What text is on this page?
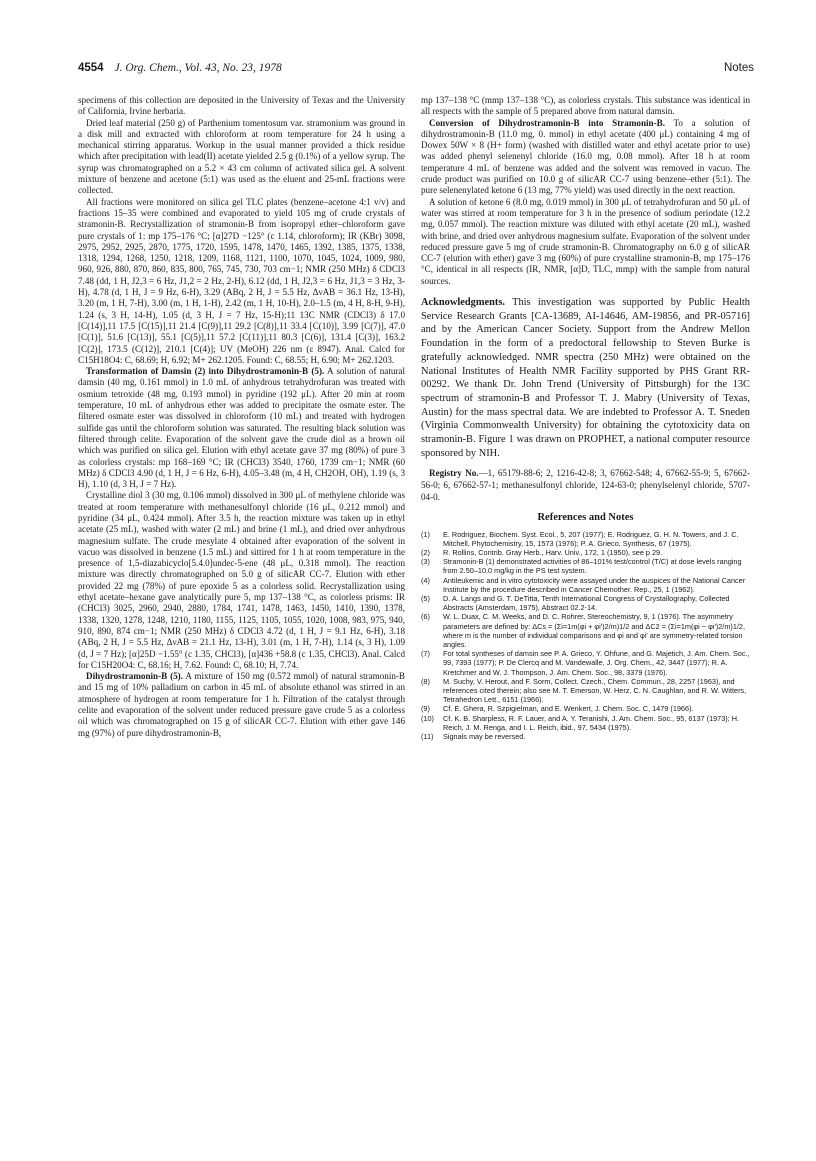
4554 J. Org. Chem., Vol. 43, No. 23, 1978	Notes

specimens of this collection are deposited in the University of Texas and the University of California, Irvine herbaria.

Dried leaf material (250 g) of Parthenium tomentosum var. stramonium was ground in a disk mill and extracted with chloroform at room temperature for 24 h using a mechanical stirring apparatus. Workup in the usual manner provided a thick residue which after precipitation with lead(II) acetate yielded 2.5 g (0.1%) of a yellow syrup. The syrup was chromatographed on a 5.2 × 43 cm column of activated silica gel. A solvent mixture of benzene and acetone (5:1) was used as the eluent and 25-mL fractions were collected.

All fractions were monitored on silica gel TLC plates (benzene–acetone 4:1 v/v) and fractions 15–35 were combined and evaporated to yield 105 mg of crude crystals of stramonin-B. Recrystallization of stramonin-B from isopropyl ether–chloroform gave pure crystals of 1: mp 175–176 °C; [α]27D −125° (c 1.14, chloroform); IR (KBr) 3098, 2975, 2952, 2925, 2870, 1775, 1720, 1595, 1478, 1470, 1465, 1392, 1385, 1375, 1338, 1318, 1294, 1268, 1250, 1218, 1209, 1168, 1121, 1100, 1070, 1045, 1024, 1009, 980, 960, 926, 880, 870, 860, 835, 800, 765, 745, 730, 703 cm−1; NMR (250 MHz) δ CDCl3 7.48 (dd, 1 H, J2,3 = 6 Hz, J1,2 = 2 Hz, 2-H), 6.12 (dd, 1 H, J2,3 = 6 Hz, J1,3 = 3 Hz, 3-H), 4.78 (d, 1 H, J = 9 Hz, 6-H), 3.29 (ABq, 2 H, J = 5.5 Hz, ΔνAB = 36.1 Hz, 13-H), 3.20 (m, 1 H, 7-H), 3.00 (m, 1 H, 1-H), 2.42 (m, 1 H, 10-H), 2.0–1.5 (m, 4 H, 8-H, 9-H), 1.24 (s, 3 H, 14-H), 1.05 (d, 3 H, J = 7 Hz, 15-H);11 13C NMR (CDCl3) δ 17.0 [C(14)],11 17.5 [C(15)],11 21.4 [C(9)],11 29.2 [C(8)],11 33.4 [C(10)], 3.99 [C(7)], 47.0 [C(1)], 51.6 [C(13)], 55.1 [C(5)],11 57.2 [C(11)],11 80.3 [C(6)], 131.4 [C(3)], 163.2 [C(2)], 173.5 (C(12)], 210.1 [C(4)]; UV (MeOH) 226 nm (ε 8947). Anal. Calcd for C15H18O4: C, 68.69; H, 6.92; M+ 262.1205. Found: C, 68.55; H, 6.90; M+ 262.1203.

Transformation of Damsin (2) into Dihydrostramonin-B (5). A solution of natural damsin (40 mg, 0.161 mmol) in 1.0 mL of anhydrous tetrahydrofuran was treated with osmium tetroxide (48 mg, 0.193 mmol) in pyridine (192 μL). After 20 min at room temperature, 10 mL of anhydrous ether was added to precipitate the osmate ester. The filtered osmate ester was dissolved in chloroform (10 mL) and treated with hydrogen sulfide gas until the chloroform solution was saturated. The resulting black solution was filtered through celite. Evaporation of the solvent gave the crude diol as a brown oil which was purified on silica gel. Elution with ethyl acetate gave 37 mg (80%) of pure 3 as colorless crystals: mp 168–169 °C; IR (CHCl3) 3540, 1760, 1739 cm−1; NMR (60 MHz) δ CDCl3 4.90 (d, 1 H, J = 6 Hz, 6-H), 4.05–3.48 (m, 4 H, CH2OH, OH), 1.19 (s, 3 H), 1.10 (d, 3 H, J = 7 Hz).

Crystalline diol 3 (30 mg, 0.106 mmol) dissolved in 300 μL of methylene chloride was treated at room temperature with methanesulfonyl chloride (16 μL, 0.212 mmol) and pyridine (34 μL, 0.424 mmol). After 3.5 h, the reaction mixture was taken up in ethyl acetate (25 mL), washed with water (2 mL) and brine (1 mL), and dried over anhydrous magnesium sulfate. The crude mesylate 4 obtained after evaporation of the solvent in vacuo was dissolved in benzene (1.5 mL) and sittired for 1 h at room temperature in the presence of 1,5-diazabicyclo[5.4.0]undec-5-ene (48 μL, 0.318 mmol). The reaction mixture was directly chromatographed on 5.0 g of silicAR CC-7. Elution with ether provided 22 mg (78%) of pure epoxide 5 as a colorless solid. Recrystallization using ethyl acetate–hexane gave analytically pure 5, mp 137–138 °C, as colorless prisms: IR (CHCl3) 3025, 2960, 2940, 2880, 1784, 1741, 1478, 1463, 1450, 1410, 1390, 1378, 1338, 1320, 1278, 1248, 1210, 1180, 1155, 1125, 1105, 1055, 1020, 1008, 983, 975, 940, 910, 890, 874 cm−1; NMR (250 MHz) δ CDCl3 4.72 (d, 1 H, J = 9.1 Hz, 6-H), 3.18 (ABq, 2 H, J = 5.5 Hz, ΔνAB = 21.1 Hz, 13-H), 3.01 (m, 1 H, 7-H), 1.14 (s, 3 H), 1.09 (d, J = 7 Hz); [α]25D −1.55° (c 1.35, CHCl3), [α]436 +58.8 (c 1.35, CHCl3). Anal. Calcd for C15H20O4: C, 68.16; H, 7.62. Found: C, 68.10; H, 7.74.

Dihydrostramonin-B (5). A mixture of 150 mg (0.572 mmol) of natural stramonin-B and 15 mg of 10% palladium on carbon in 45 mL of absolute ethanol was stirred in an atmosphere of hydrogen at room temperature for 1 h. Filtration of the catalyst through celite and evaporation of the solvent under reduced pressure gave crude 5 as a colorless oil which was chromatographed on 15 g of silicAR CC-7. Elution with ether gave 146 mg (97%) of pure dihydrostramonin-B,

mp 137–138 °C (mmp 137–138 °C), as colorless crystals. This substance was identical in all respects with the sample of 5 prepared above from natural damsin.

Conversion of Dihydrostramonin-B into Stramonin-B. To a solution of dihydrostramonin-B (11.0 mg, 0. mmol) in ethyl acetate (400 μL) containing 4 mg of Dowex 50W × 8 (H+ form) (washed with distilled water and ethyl acetate prior to use) was added phenyl selenenyl chloride (16.0 mg, 0.08 mmol). After 18 h at room temperature 4 mL of benzene was added and the solvent was removed in vacuo. The crude product was purified on 10.0 g of silicAR CC-7 using benzene–ether (5:1). The pure selenenylated ketone 6 (13 mg, 77% yield) was used directly in the next reaction.

A solution of ketone 6 (8.0 mg, 0.019 mmol) in 300 μL of tetrahydrofuran and 50 μL of water was stirred at room temperature for 3 h in the presence of sodium periodate (12.2 mg, 0.057 mmol). The reaction mixture was diluted with ethyl acetate (20 mL), washed with brine, and dried over anhydrous magnesium sulfate. Evaporation of the solvent under reduced pressure gave 5 mg of crude stramonin-B. Chromatography on 6.0 g of silicAR CC-7 (elution with ether) gave 3 mg (60%) of pure crystalline stramonin-B, mp 175–176 °C, identical in all respects (IR, NMR, [α]D, TLC, mmp) with the sample from natural sources.

Acknowledgments. This investigation was supported by Public Health Service Research Grants [CA-13689, AI-14646, AM-19856, and PR-05716] and by the American Cancer Society. Support from the Andrew Mellon Foundation in the form of a predoctoral fellowship to Steven Burke is gratefully acknowledged. NMR spectra (250 MHz) were obtained on the National Institutes of Health NMR Facility supported by PHS Grant RR-00292. We thank Dr. John Trend (University of Pittsburgh) for the 13C spectrum of stramonin-B and Professor T. J. Mabry (University of Texas, Austin) for the mass spectral data. We are indebted to Professor A. T. Sneden (Virginia Commonwealth University) for obtaining the cytotoxicity data on stramonin-B. Figure 1 was drawn on PROPHET, a national computer resource sponsored by NIH.

Registry No.—1, 65179-88-6; 2, 1216-42-8; 3, 67662-548; 4, 67662-55-9; 5, 67662-56-0; 6, 67662-57-1; methanesulfonyl chloride, 124-63-0; phenylselenyl chloride, 5707-04-0.

References and Notes
(1)	E. Rodriguez, Biochem. Syst. Ecol., 5, 207 (1977); E. Rodriguez, G. H. N. Towers, and J. C. Mitchell, Phytochemistry, 15, 1573 (1976); P. A. Grieco, Synthesis, 67 (1975).
(2)	R. Rollins, Contrib. Gray Herb., Harv. Univ., 172, 1 (1950), see p 29.
(3)	Stramonin-B (1) demonstrated activities of 86–101% test/control (T/C) at dose levels ranging from 2.50–10.0 mg/kg in the PS test system.
(4)	Antileukemic and in vitro cytotoxicity were assayed under the auspices of the National Cancer Institute by the procedure described in Cancer Chemother. Rep., 25, 1 (1962).
(5)	D. A. Langs and G. T. DeTitta, Tenth International Congress of Crystallography, Collected Abstracts (Amsterdam, 1975), Abstract 02.2-14.
(6)	W. L. Duax, C. M. Weeks, and D. C. Rohrer, Stereochemistry, 9, 1 (1976). The asymmetry parameters are defined by: ΔCs = (Σi=1m(φi + φi′)2/m)1/2 and ΔC2 = (Σi=1m(φi − φi′)2/m)1/2, where m is the number of individual comparisons and φi and φi′ are symmetry-related torsion angles.
(7)	For total syntheses of damsin see P. A. Grieco, Y. Ohfune, and G. Majetich, J. Am. Chem. Soc., 99, 7393 (1977); P. De Clercq and M. Vandewalle, J. Org. Chem., 42, 3447 (1977); R. A. Kretchmer and W. J. Thompson, J. Am. Chem. Soc., 98, 3379 (1976).
(8)	M. Suchy, V. Herout, and F. Sorm, Collect. Czech., Chem. Commun., 28, 2257 (1963), and references cited therein; also see M. T. Emerson, W. Herz, C. N. Caughlan, and R. W. Witters, Tetrahedron Lett., 6151 (1966).
(9)	Cf. E. Ghera, R. Szpigielman, and E. Wenkert, J. Chem. Soc. C, 1479 (1966).
(10)	Cf. K. B. Sharpless, R. F. Lauer, and A. Y. Teranishi, J. Am. Chem. Soc., 95, 6137 (1973); H. Reich, J. M. Renga, and I. L. Reich, ibid., 97, 5434 (1975).
(11)	Signals may be reversed.
